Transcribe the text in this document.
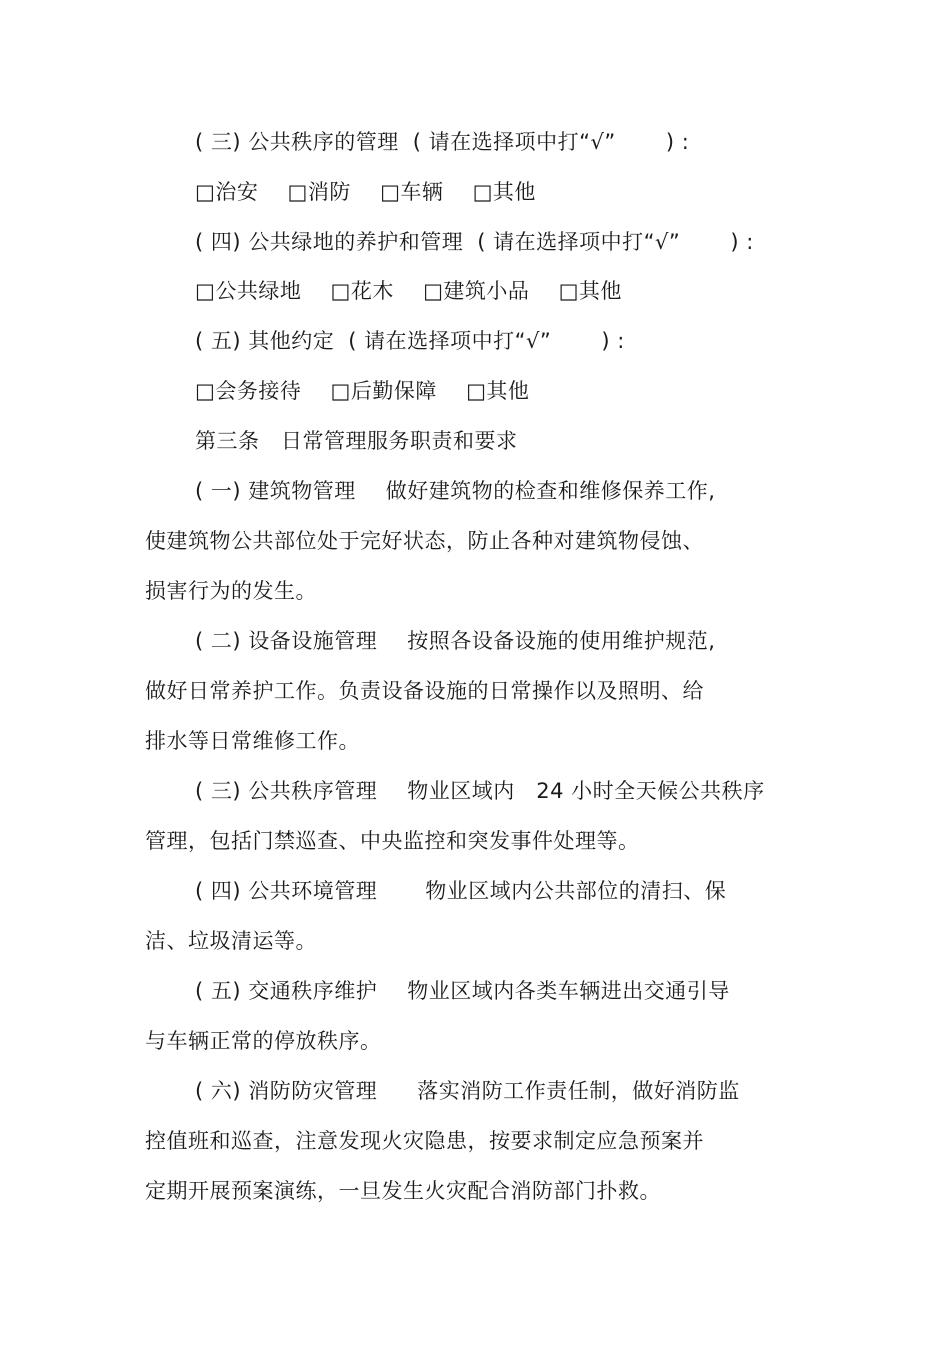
( 三) 公共秩序的管理 ( 请在选择项中打“√”　　 ) :
□治安 □消防 □车辆 □其他
( 四) 公共绿地的养护和管理 ( 请在选择项中打“√”　　 ) :
□公共绿地 □花木 □建筑小品 □其他
( 五) 其他约定 ( 请在选择项中打“√”　　 ) :
□会务接待 □后勤保障 □其他
第三条　日常管理服务职责和要求
( 一) 建筑物管理 做好建筑物的检查和维修保养工作,
使建筑物公共部位处于完好状态，防止各种对建筑物侵蚀、
损害行为的发生。
( 二) 设备设施管理 按照各设备设施的使用维护规范,
做好日常养护工作。负责设备设施的日常操作以及照明、给
排水等日常维修工作。
( 三) 公共秩序管理 物业区域内　24 小时全天候公共秩序
管理，包括门禁巡查、中央监控和突发事件处理等。
( 四) 公共环境管理 物业区域内公共部位的清扫、保
洁、垃圾清运等。
( 五) 交通秩序维护 物业区域内各类车辆进出交通引导
与车辆正常的停放秩序。
( 六) 消防防灾管理 落实消防工作责任制，做好消防监
控值班和巡查，注意发现火灾隐患，按要求制定应急预案并
定期开展预案演练，一旦发生火灾配合消防部门扑救。
